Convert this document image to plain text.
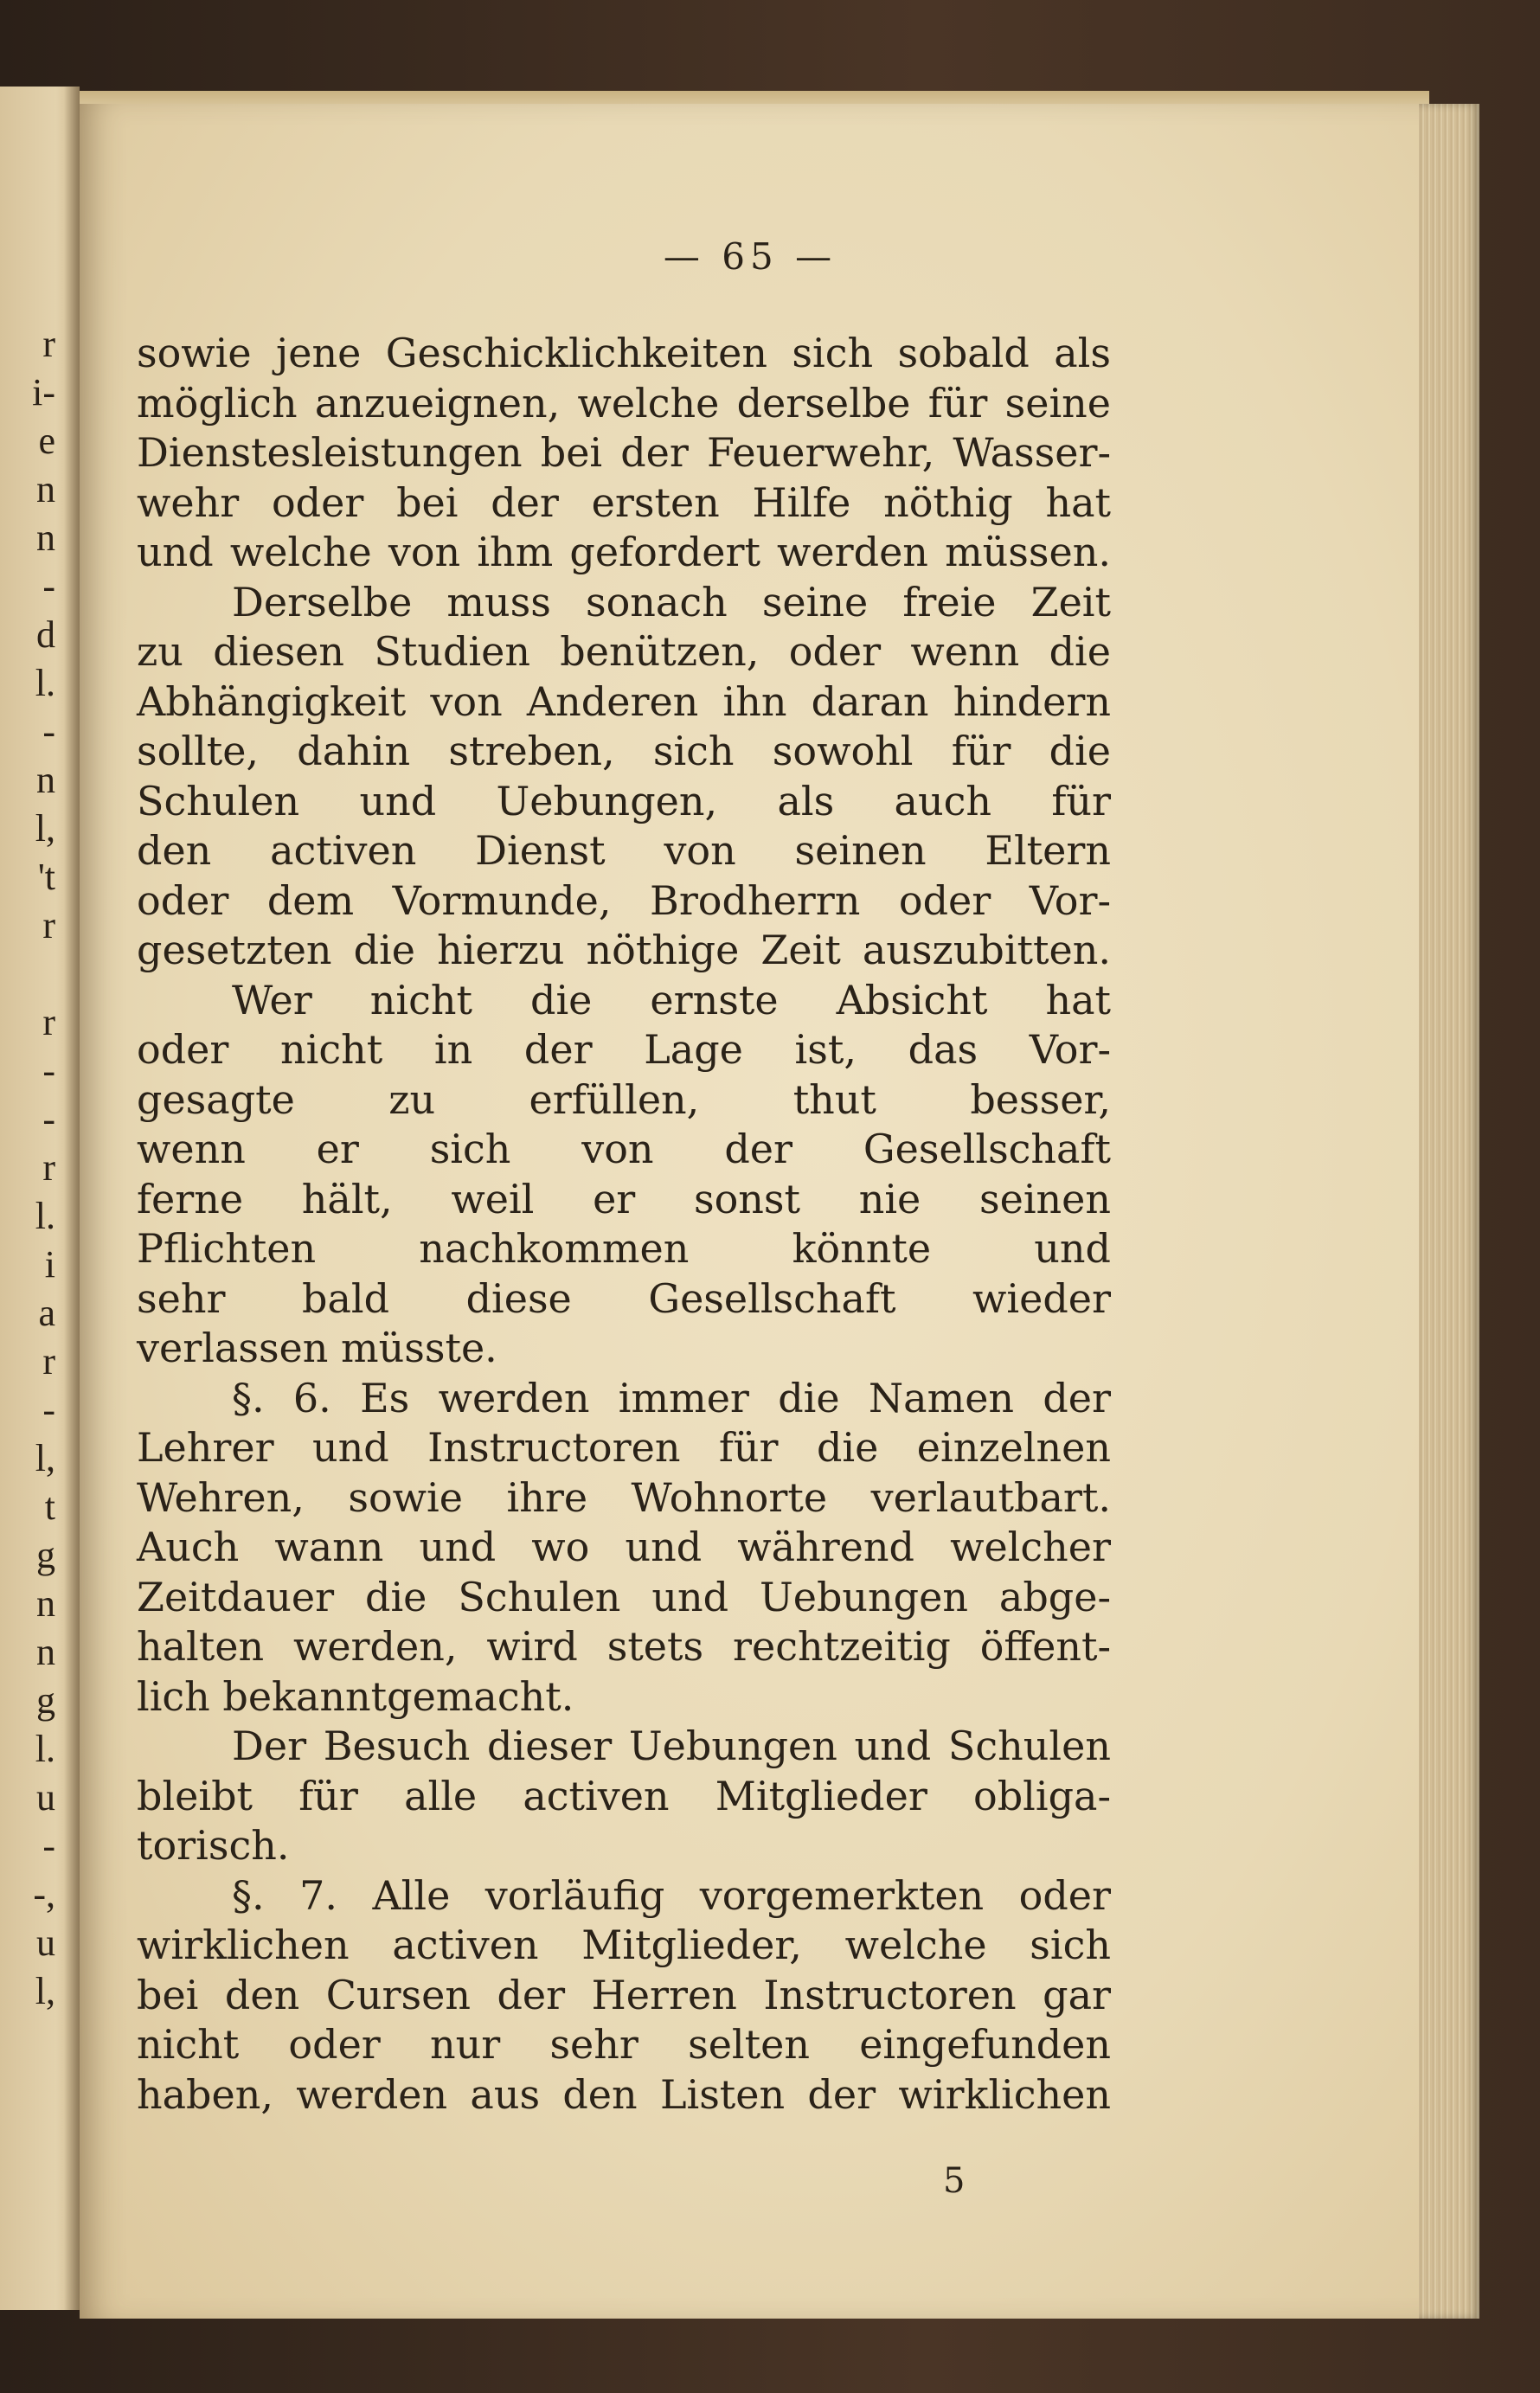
r
i-
e
n
n
-
d
l.
-
n
l,
't
r
r
-
-
r
l.
i
a
r
-
l,
t
g
n
n
g
l.
u
-
-,
u
l,
— 65 —
sowie jene Geschicklichkeiten sich sobald als
möglich anzueignen, welche derselbe für seine
Dienstesleistungen bei der Feuerwehr, Wasser-
wehr oder bei der ersten Hilfe nöthig hat
und welche von ihm gefordert werden müssen.
Derselbe muss sonach seine freie Zeit
zu diesen Studien benützen, oder wenn die
Abhängigkeit von Anderen ihn daran hindern
sollte, dahin streben, sich sowohl für die
Schulen und Uebungen, als auch für
den activen Dienst von seinen Eltern
oder dem Vormunde, Brodherrn oder Vor-
gesetzten die hierzu nöthige Zeit auszubitten.
Wer nicht die ernste Absicht hat
oder nicht in der Lage ist, das Vor-
gesagte zu erfüllen, thut besser,
wenn er sich von der Gesellschaft
ferne hält, weil er sonst nie seinen
Pflichten nachkommen könnte und
sehr bald diese Gesellschaft wieder
verlassen müsste.
§. 6. Es werden immer die Namen der
Lehrer und Instructoren für die einzelnen
Wehren, sowie ihre Wohnorte verlautbart.
Auch wann und wo und während welcher
Zeitdauer die Schulen und Uebungen abge-
halten werden, wird stets rechtzeitig öffent-
lich bekanntgemacht.
Der Besuch dieser Uebungen und Schulen
bleibt für alle activen Mitglieder obliga-
torisch.
§. 7. Alle vorläufig vorgemerkten oder
wirklichen activen Mitglieder, welche sich
bei den Cursen der Herren Instructoren gar
nicht oder nur sehr selten eingefunden
haben, werden aus den Listen der wirklichen
5
